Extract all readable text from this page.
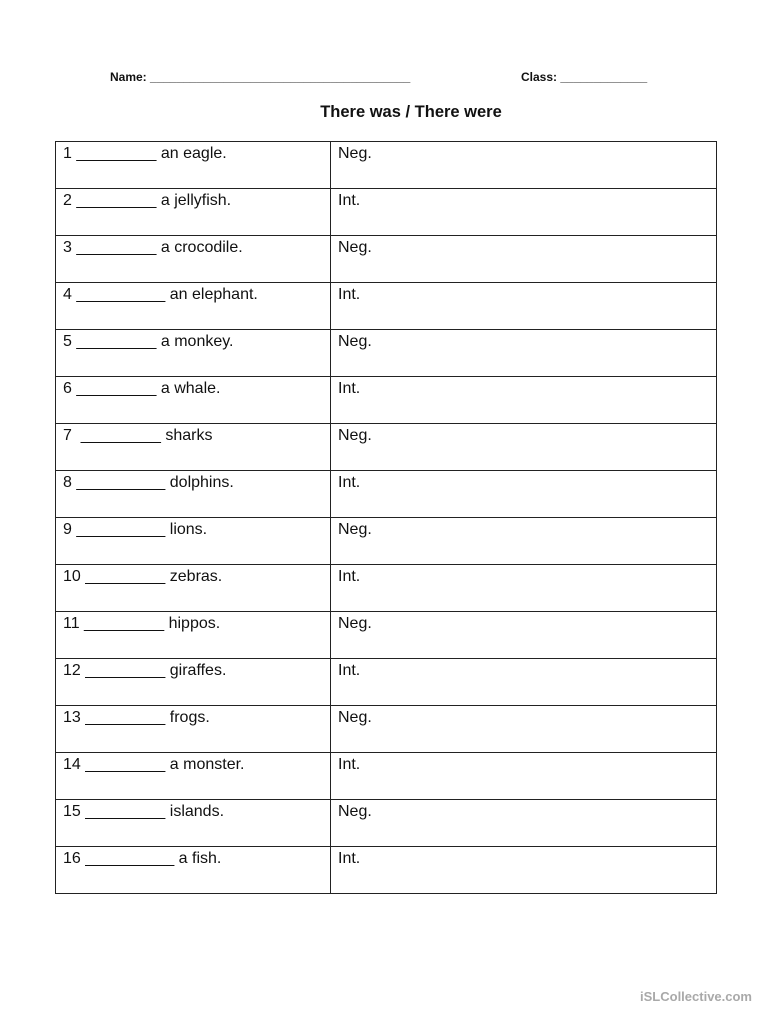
Name: _______________________________________	Class: _____________
There was / There were
1 _________ an eagle.	Neg.
2 _________ a jellyfish.	Int.
3 _________ a crocodile.	Neg.
4 __________ an elephant.	Int.
5 _________ a monkey.	Neg.
6 _________ a whale.	Int.
7  _________ sharks	Neg.
8 __________ dolphins.	Int.
9 __________ lions.	Neg.
10 _________ zebras.	Int.
11 _________ hippos.	Neg.
12 _________ giraffes.	Int.
13 _________ frogs.	Neg.
14 _________ a monster.	Int.
15 _________ islands.	Neg.
16 __________ a fish.	Int.
iSLCollective.com
